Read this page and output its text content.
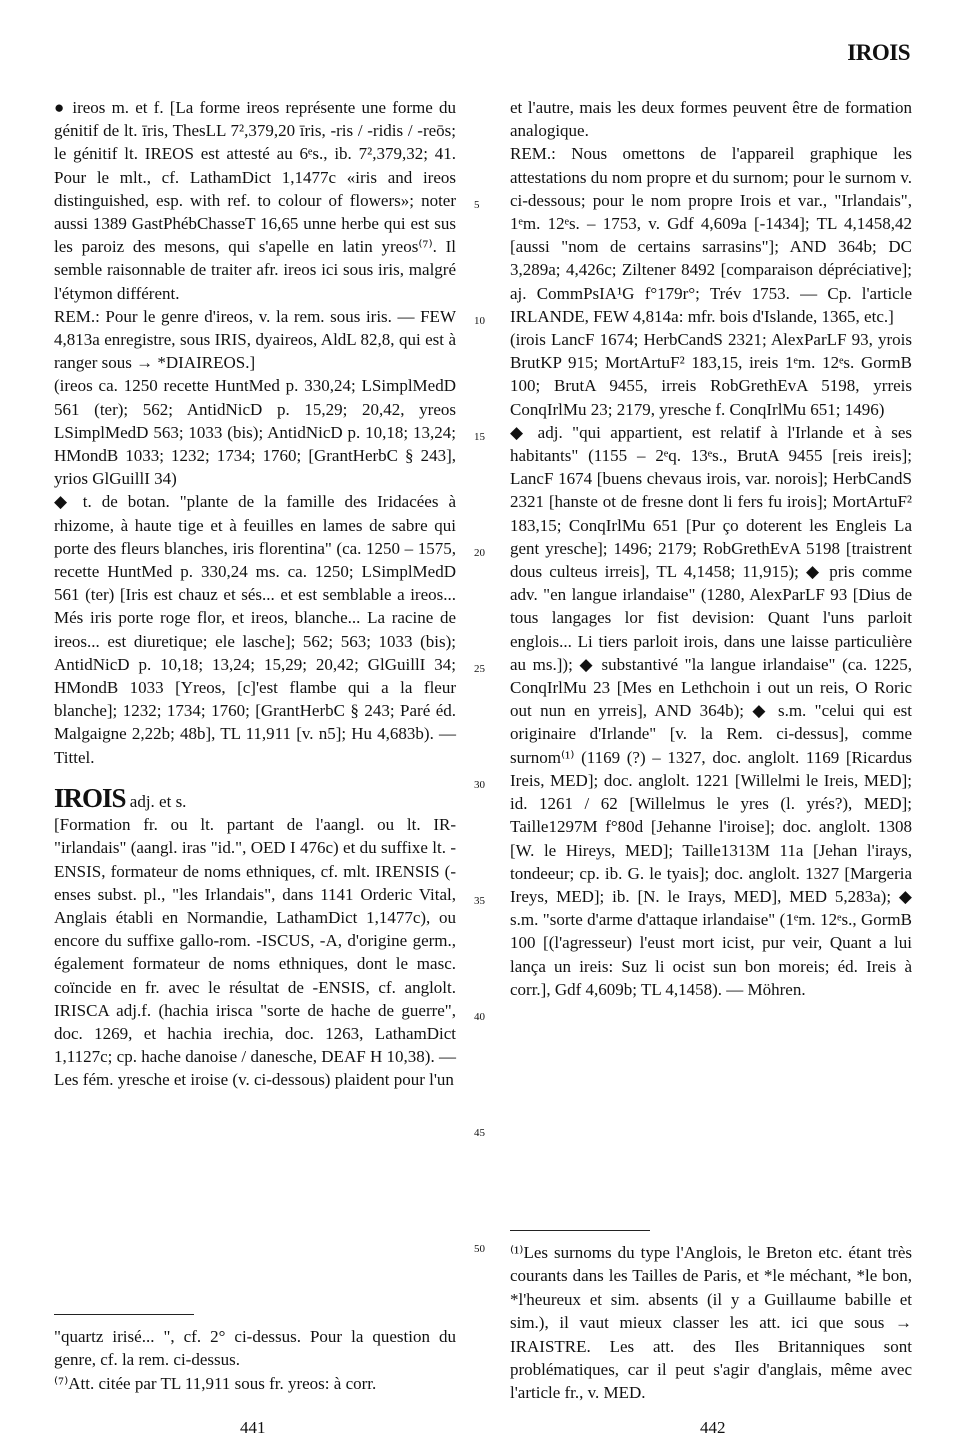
IROIS

● ireos m. et f. [La forme ireos représente une forme du génitif de lt. īris, ThesLL 7²,379,20 īris, -ris / -ridis / -reōs; le génitif lt. IREOS est attesté au 6ᵉs., ib. 7²,379,32; 41. Pour le mlt., cf. LathamDict 1,1477c «iris and ireos distinguished, esp. with ref. to colour of flowers»; noter aussi 1389 GastPhébChasseT 16,65 unne herbe qui est sus les paroiz des mesons, qui s'apelle en latin yreos⁽⁷⁾. Il semble raisonnable de traiter afr. ireos ici sous iris, malgré l'étymon différent.

REM.: Pour le genre d'ireos, v. la rem. sous iris. — FEW 4,813a enregistre, sous IRIS, dyaireos, AldL 82,8, qui est à ranger sous → *DIAIREOS.]

(ireos ca. 1250 recette HuntMed p. 330,24; LSimplMedD 561 (ter); 562; AntidNicD p. 15,29; 20,42, yreos LSimplMedD 563; 1033 (bis); AntidNicD p. 10,18; 13,24; HMondB 1033; 1232; 1734; 1760; [GrantHerbC § 243], yrios GlGuillI 34)

◆ t. de botan. "plante de la famille des Iridacées à rhizome, à haute tige et à feuilles en lames de sabre qui porte des fleurs blanches, iris florentina" (ca. 1250 – 1575, recette HuntMed p. 330,24 ms. ca. 1250; LSimplMedD 561 (ter) [Iris est chauz et sés... et est semblable a ireos... Més iris porte roge flor, et ireos, blanche... La racine de ireos... est diuretique; ele lasche]; 562; 563; 1033 (bis); AntidNicD p. 10,18; 13,24; 15,29; 20,42; GlGuillI 34; HMondB 1033 [Yreos, [c]'est flambe qui a la fleur blanche]; 1232; 1734; 1760; [GrantHerbC § 243; Paré éd. Malgaigne 2,22b; 48b], TL 11,911 [v. n5]; Hu 4,683b). — Tittel.

IROIS adj. et s.

[Formation fr. ou lt. partant de l'aangl. ou lt. IR- "irlandais" (aangl. iras "id.", OED I 476c) et du suffixe lt. -ENSIS, formateur de noms ethniques, cf. mlt. IRENSIS (-enses subst. pl., "les Irlandais", dans 1141 Orderic Vital, Anglais établi en Normandie, LathamDict 1,1477c), ou encore du suffixe gallo-rom. -ISCUS, -A, d'origine germ., également formateur de noms ethniques, dont le masc. coïncide en fr. avec le résultat de -ENSIS, cf. anglolt. IRISCA adj.f. (hachia irisca "sorte de hache de guerre", doc. 1269, et hachia irechia, doc. 1263, LathamDict 1,1127c; cp. hache danoise / danesche, DEAF H 10,38). — Les fém. yresche et iroise (v. ci-dessous) plaident pour l'un

"quartz irisé... ", cf. 2° ci-dessus. Pour la question du genre, cf. la rem. ci-dessus.

⁽⁷⁾Att. citée par TL 11,911 sous fr. yreos: à corr.

5
10
15
20
25
30
35
40
45
50

et l'autre, mais les deux formes peuvent être de formation analogique.

REM.: Nous omettons de l'appareil graphique les attestations du nom propre et du surnom; pour le surnom v. ci-dessous; pour le nom propre Irois et var., "Irlandais", 1ᵉm. 12ᵉs. – 1753, v. Gdf 4,609a [-1434]; TL 4,1458,42 [aussi "nom de certains sarrasins"]; AND 364b; DC 3,289a; 4,426c; Ziltener 8492 [comparaison dépréciative]; aj. CommPsIA¹G f°179r°; Trév 1753. — Cp. l'article IRLANDE, FEW 4,814a: mfr. bois d'Islande, 1365, etc.]

(irois LancF 1674; HerbCandS 2321; AlexParLF 93, yrois BrutKP 915; MortArtuF² 183,15, ireis 1ᵉm. 12ᵉs. GormB 100; BrutA 9455, irreis RobGrethEvA 5198, yrreis ConqIrlMu 23; 2179, yresche f. ConqIrlMu 651; 1496)

◆ adj. "qui appartient, est relatif à l'Irlande et à ses habitants" (1155 – 2ᵉq. 13ᵉs., BrutA 9455 [reis ireis]; LancF 1674 [buens chevaus irois, var. norois]; HerbCandS 2321 [hanste ot de fresne dont li fers fu irois]; MortArtuF² 183,15; ConqIrlMu 651 [Pur ço doterent les Engleis La gent yresche]; 1496; 2179; RobGrethEvA 5198 [traistrent dous culteus irreis], TL 4,1458; 11,915); ◆ pris comme adv. "en langue irlandaise" (1280, AlexParLF 93 [Dius de tous langages lor fist devision: Quant l'uns parloit englois... Li tiers parloit irois, dans une laisse particulière au ms.]); ◆ substantivé "la langue irlandaise" (ca. 1225, ConqIrlMu 23 [Mes en Lethchoin i out un reis, O Roric out nun en yrreis], AND 364b); ◆ s.m. "celui qui est originaire d'Irlande" [v. la Rem. ci-dessus], comme surnom⁽¹⁾ (1169 (?) – 1327, doc. anglolt. 1169 [Ricardus Ireis, MED]; doc. anglolt. 1221 [Willelmi le Ireis, MED]; id. 1261 / 62 [Willelmus le yres (l. yrés?), MED]; Taille1297M f°80d [Jehanne l'iroise]; doc. anglolt. 1308 [W. le Hireys, MED]; Taille1313M 11a [Jehan l'irays, tondeeur; cp. ib. G. le tyais]; doc. anglolt. 1327 [Margeria Ireys, MED]; ib. [N. le Irays, MED], MED 5,283a); ◆ s.m. "sorte d'arme d'attaque irlandaise" (1ᵉm. 12ᵉs., GormB 100 [(l'agresseur) l'eust mort icist, pur veir, Quant a lui lança un ireis: Suz li ocist sun bon moreis; éd. Ireis à corr.], Gdf 4,609b; TL 4,1458). — Möhren.

⁽¹⁾Les surnoms du type l'Anglois, le Breton etc. étant très courants dans les Tailles de Paris, et *le méchant, *le bon, *l'heureux et sim. absents (il y a Guillaume babille et sim.), il vaut mieux classer les att. ici que sous → IRAISTRE. Les att. des Iles Britanniques sont problématiques, car il peut s'agir d'anglais, même avec l'article fr., v. MED.

441	442
